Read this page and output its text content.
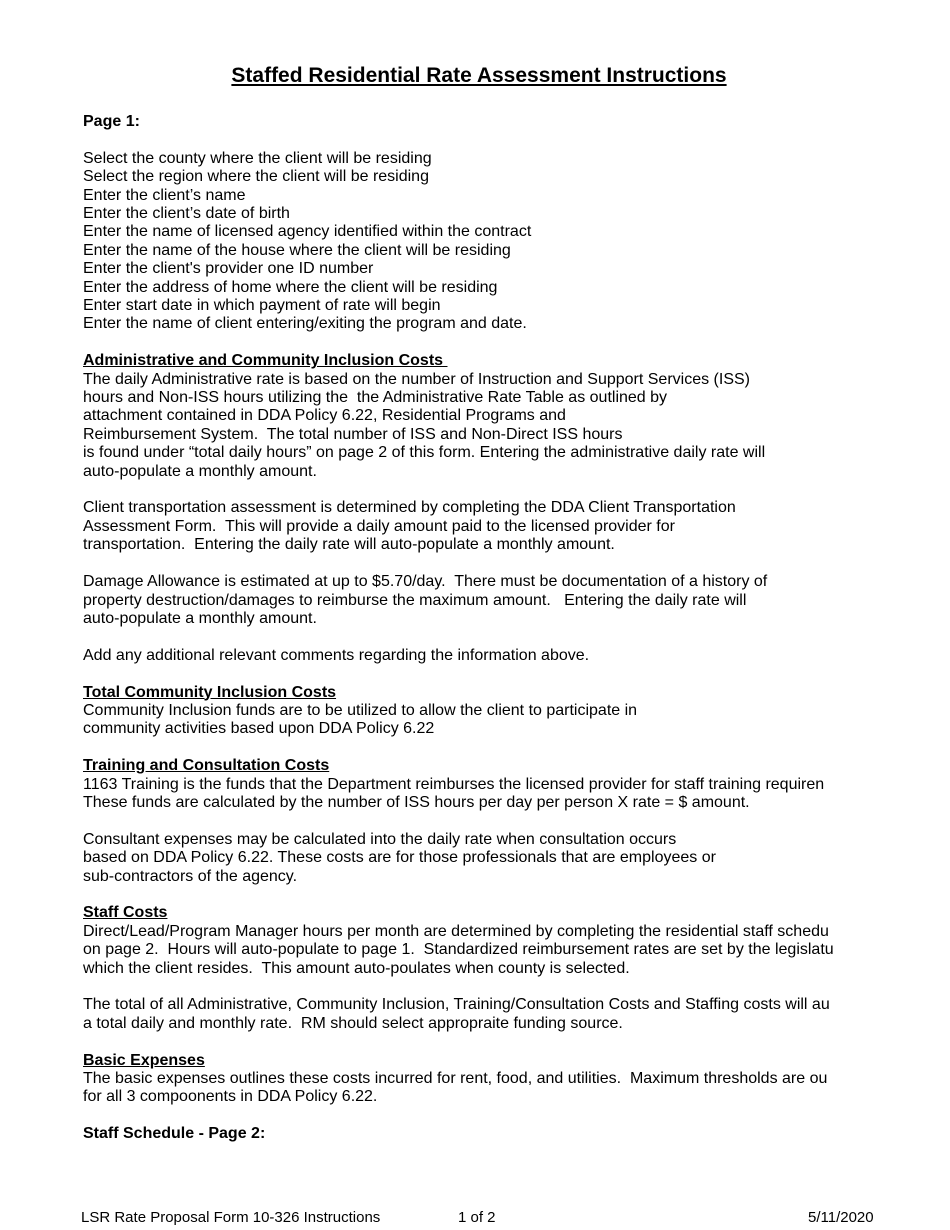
Staffed Residential Rate Assessment Instructions
Page 1:
Select the county where the client will be residing
Select the region where the client will be residing
Enter the client’s name
Enter the client’s date of birth
Enter the name of licensed agency identified within the contract
Enter the name of the house where the client will be residing
Enter the client's provider one ID number
Enter the address of home where the client will be residing
Enter start date in which payment of rate will begin
Enter the name of client entering/exiting the program and date.
Administrative and Community Inclusion Costs
The daily Administrative rate is based on the number of Instruction and Support Services (ISS)
hours and Non-ISS hours utilizing the  the Administrative Rate Table as outlined by
attachment contained in DDA Policy 6.22, Residential Programs and
Reimbursement System.  The total number of ISS and Non-Direct ISS hours
is found under “total daily hours” on page 2 of this form. Entering the administrative daily rate will
auto-populate a monthly amount.
Client transportation assessment is determined by completing the DDA Client Transportation
Assessment Form.  This will provide a daily amount paid to the licensed provider for
transportation.  Entering the daily rate will auto-populate a monthly amount.
Damage Allowance is estimated at up to $5.70/day.  There must be documentation of a history of
property destruction/damages to reimburse the maximum amount.   Entering the daily rate will
auto-populate a monthly amount.
Add any additional relevant comments regarding the information above.
Total Community Inclusion Costs
Community Inclusion funds are to be utilized to allow the client to participate in
community activities based upon DDA Policy 6.22
Training and Consultation Costs
1163 Training is the funds that the Department reimburses the licensed provider for staff training requiren
These funds are calculated by the number of ISS hours per day per person X rate = $ amount.
Consultant expenses may be calculated into the daily rate when consultation occurs
based on DDA Policy 6.22. These costs are for those professionals that are employees or
sub-contractors of the agency.
Staff Costs
Direct/Lead/Program Manager hours per month are determined by completing the residential staff schedu
on page 2.  Hours will auto-populate to page 1.  Standardized reimbursement rates are set by the legislatu
which the client resides.  This amount auto-poulates when county is selected.
The total of all Administrative, Community Inclusion, Training/Consultation Costs and Staffing costs will au
a total daily and monthly rate.  RM should select appropraite funding source.
Basic Expenses
The basic expenses outlines these costs incurred for rent, food, and utilities.  Maximum thresholds are ou
for all 3 compoonents in DDA Policy 6.22.
Staff Schedule - Page 2:
LSR Rate Proposal Form 10-326 Instructions	1 of 2	5/11/2020
